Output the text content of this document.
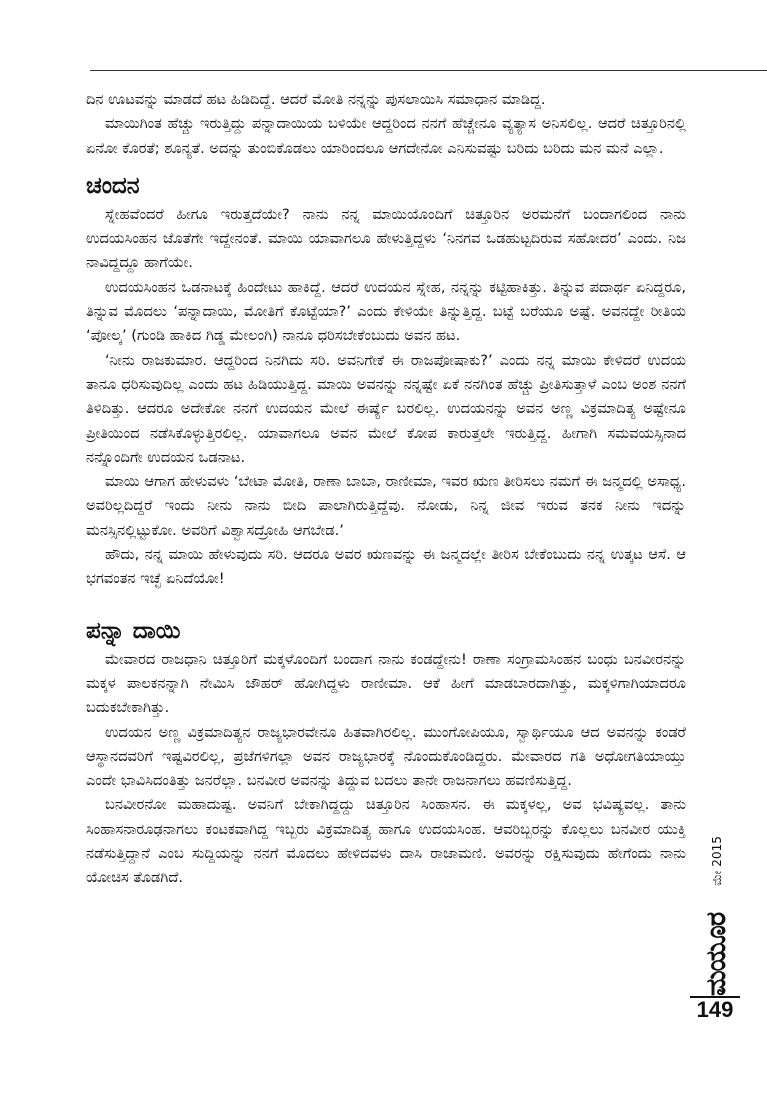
ದಿನ ಊಟವನ್ನು ಮಾಡದೆ ಹಟ ಹಿಡಿದಿದ್ದೆ. ಆದರೆ ಮೋತಿ ನನ್ನನ್ನು ಪುಸಲಾಯಿಸಿ ಸಮಾಧಾನ ಮಾಡಿದ್ದ.

ಮಾಯಿಗಿಂತ ಹೆಚ್ಚು ಇರುತ್ತಿದ್ದು ಪನ್ನಾದಾಯಿಯ ಬಳಿಯೇ ಆದ್ದರಿಂದ ನನಗೆ ಹೆಚ್ಚೇನೂ ವ್ಯತ್ಯಾಸ ಅನಿಸಲಿಲ್ಲ. ಆದರೆ ಚಿತ್ತೂರಿನಲ್ಲಿ ಏನೋ ಕೊರತೆ; ಶೂನ್ಯತೆ. ಅದನ್ನು ತುಂಬಿಕೊಡಲು ಯಾರಿಂದಲೂ ಆಗದೇನೋ ಎನಿಸುವಷ್ಟು ಬರಿದು ಬರಿದು ಮನ ಮನೆ ಎಲ್ಲಾ.

ಚಂದನ

ಸ್ನೇಹವೆಂದರೆ ಹೀಗೂ ಇರುತ್ತದೆಯೇ? ನಾನು ನನ್ನ ಮಾಯಿಯೊಂದಿಗೆ ಚಿತ್ತೂರಿನ ಅರಮನೆಗೆ ಬಂದಾಗಲಿಂದ ನಾನು ಉದಯಸಿಂಹನ ಜೊತೆಗೇ ಇದ್ದೇನಂತೆ. ಮಾಯಿ ಯಾವಾಗಲೂ ಹೇಳುತ್ತಿದ್ದಳು ‘ನಿನಗವ ಒಡಹುಟ್ಟದಿರುವ ಸಹೋದರ’ ಎಂದು. ನಿಜ ನಾವಿದ್ದದ್ದೂ ಹಾಗೆಯೇ.

ಉದಯಸಿಂಹನ ಒಡನಾಟಕ್ಕೆ ಹಿಂದೇಟು ಹಾಕಿದ್ದೆ. ಆದರೆ ಉದಯನ ಸ್ನೇಹ, ನನ್ನನ್ನು ಕಟ್ಟಿಹಾಕಿತ್ತು. ತಿನ್ನುವ ಪದಾರ್ಥ ಏನಿದ್ದರೂ, ತಿನ್ನುವ ಮೊದಲು ‘ಪನ್ನಾದಾಯಿ, ಮೋತಿಗೆ ಕೊಟ್ಟೆಯಾ?’ ಎಂದು ಕೇಳಿಯೇ ತಿನ್ನುತ್ತಿದ್ದ. ಬಟ್ಟೆ ಬರೆಯೂ ಅಷ್ಟೆ. ಅವನದ್ದೇ ರೀತಿಯ ‘ಪೋಲ್ಕ’ (ಗುಂಡಿ ಹಾಕಿದ ಗಿಡ್ಡ ಮೇಲಂಗಿ) ನಾನೂ ಧರಿಸಬೇಕೆಂಬುದು ಅವನ ಹಟ.

‘ನೀನು ರಾಜಕುಮಾರ. ಆದ್ದರಿಂದ ನಿನಗಿದು ಸರಿ. ಅವನಿಗೇಕೆ ಈ ರಾಜಪೋಷಾಕು?’ ಎಂದು ನನ್ನ ಮಾಯಿ ಕೇಳಿದರೆ ಉದಯ ತಾನೂ ಧರಿಸುವುದಿಲ್ಲ ಎಂದು ಹಟ ಹಿಡಿಯುತ್ತಿದ್ದ. ಮಾಯಿ ಅವನನ್ನು ನನ್ನಷ್ಟೇ ಏಕೆ ನನಗಿಂತ ಹೆಚ್ಚು ಪ್ರೀತಿಸುತ್ತಾಳೆ ಎಂಬ ಅಂಶ ನನಗೆ ತಿಳಿದಿತ್ತು. ಆದರೂ ಅದೇಕೋ ನನಗೆ ಉದಯನ ಮೇಲೆ ಈರ್ಷ್ಯೆ ಬರಲಿಲ್ಲ. ಉದಯನನ್ನು ಅವನ ಅಣ್ಣ ವಿಕ್ರಮಾದಿತ್ಯ ಅಷ್ಟೇನೂ ಪ್ರೀತಿಯಿಂದ ನಡೆಸಿಕೊಳ್ಳುತ್ತಿರಲಿಲ್ಲ. ಯಾವಾಗಲೂ ಅವನ ಮೇಲೆ ಕೋಪ ಕಾರುತ್ತಲೇ ಇರುತ್ತಿದ್ದ. ಹೀಗಾಗಿ ಸಮವಯಸ್ಸಿನಾದ ನನ್ನೊಂದಿಗೇ ಉದಯನ ಒಡನಾಟ.

ಮಾಯಿ ಆಗಾಗ ಹೇಳುವಳು ‘ಬೇಟಾ ಮೋತಿ, ರಾಣಾ ಬಾಬಾ, ರಾಣೀಮಾ, ಇವರ ಋಣ ತೀರಿಸಲು ನಮಗೆ ಈ ಜನ್ಮದಲ್ಲಿ ಅಸಾಧ್ಯ. ಅವರಿಲ್ಲದಿದ್ದರೆ ಇಂದು ನೀನು ನಾನು ಬೀದಿ ಪಾಲಾಗಿರುತ್ತಿದ್ದೆವು. ನೋಡು, ನಿನ್ನ ಜೀವ ಇರುವ ತನಕ ನೀನು ಇದನ್ನು ಮನಸ್ಸಿನಲ್ಲಿಟ್ಟುಕೋ. ಅವರಿಗೆ ವಿಶ್ವಾಸದ್ರೋಹಿ ಆಗಬೇಡ.’

ಹೌದು, ನನ್ನ ಮಾಯಿ ಹೇಳುವುದು ಸರಿ. ಆದರೂ ಅವರ ಋಣವನ್ನು ಈ ಜನ್ಮದಲ್ಲೇ ತೀರಿಸ ಬೇಕೆಂಬುದು ನನ್ನ ಉತ್ಕಟ ಆಸೆ. ಆ ಭಗವಂತನ ಇಚ್ಛೆ ಏನಿದೆಯೋ!

ಪನ್ನಾ ದಾಯಿ

ಮೇವಾರದ ರಾಜಧಾನಿ ಚಿತ್ತೂರಿಗೆ ಮಕ್ಕಳೊಂದಿಗೆ ಬಂದಾಗ ನಾನು ಕಂಡದ್ದೇನು! ರಾಣಾ ಸಂಗ್ರಾಮಸಿಂಹನ ಬಂಧು ಬನವೀರನನ್ನು ಮಕ್ಕಳ ಪಾಲಕನನ್ನಾಗಿ ನೇಮಿಸಿ ಜೌಹರ್ ಹೋಗಿದ್ದಳು ರಾಣೀಮಾ. ಆಕೆ ಹೀಗೆ ಮಾಡಬಾರದಾಗಿತ್ತು, ಮಕ್ಕಳಿಗಾಗಿಯಾದರೂ ಬದುಕಬೇಕಾಗಿತ್ತು.

ಉದಯನ ಅಣ್ಣ ವಿಕ್ರಮಾದಿತ್ಯನ ರಾಜ್ಯಭಾರವೇನೂ ಹಿತವಾಗಿರಲಿಲ್ಲ. ಮುಂಗೋಪಿಯೂ, ಸ್ವಾರ್ಥಿಯೂ ಆದ ಅವನನ್ನು ಕಂಡರೆ ಆಸ್ಥಾನದವರಿಗೆ ಇಷ್ಟವಿರಲಿಲ್ಲ, ಪ್ರಜೆಗಳಿಗಲ್ಲಾ ಅವನ ರಾಜ್ಯಭಾರಕ್ಕೆ ನೊಂದುಕೊಂಡಿದ್ದರು. ಮೇವಾರದ ಗತಿ ಅಧೋಗತಿಯಾಯ್ತು ಎಂದೇ ಭಾವಿಸಿದಂತಿತ್ತು ಜನರೆಲ್ಲಾ. ಬನವೀರ ಅವನನ್ನು ತಿದ್ದುವ ಬದಲು ತಾನೇ ರಾಜನಾಗಲು ಹವಣಿಸುತ್ತಿದ್ದ.

ಬನವೀರನೋ ಮಹಾದುಷ್ಟ. ಅವನಿಗೆ ಬೇಕಾಗಿದ್ದದ್ದು ಚಿತ್ತೂರಿನ ಸಿಂಹಾಸನ. ಈ ಮಕ್ಕಳಲ್ಲ, ಅವ ಭವಿಷ್ಯವಲ್ಲ. ತಾನು ಸಿಂಹಾಸನಾರೂಢನಾಗಲು ಕಂಟಕವಾಗಿದ್ದ ಇಬ್ಬರು ವಿಕ್ರಮಾದಿತ್ಯ ಹಾಗೂ ಉದಯಸಿಂಹ. ಆವರಿಬ್ಬರನ್ನು ಕೊಲ್ಲಲು ಬನವೀರ ಯುಕ್ತಿ ನಡೆಸುತ್ತಿದ್ದಾನೆ ಎಂಬ ಸುದ್ದಿಯನ್ನು ನನಗೆ ಮೊದಲು ಹೇಳಿದವಳು ದಾಸಿ ರಾಜಾಮಣಿ. ಅವರನ್ನು ರಕ್ಷಿಸುವುದು ಹೇಗೆಂದು ನಾನು ಯೋಚಿಸ ತೊಡಗಿದೆ.	ಮೇ 2015
ಮಯೂರ
149
